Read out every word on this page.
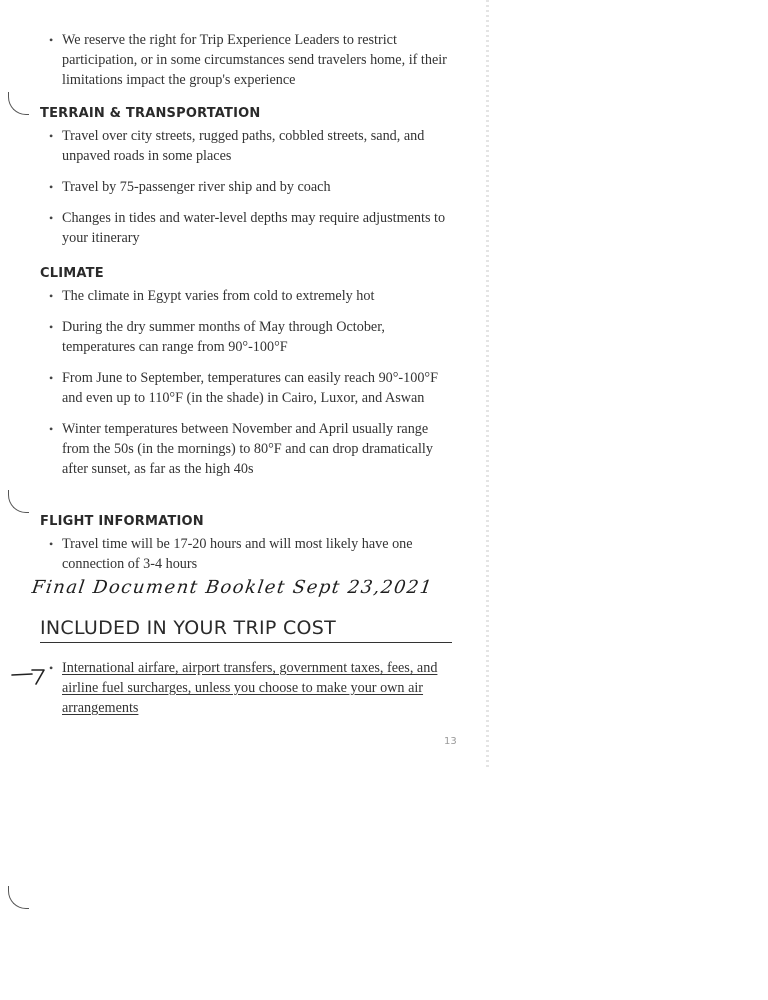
• We reserve the right for Trip Experience Leaders to restrict participation, or in some circumstances send travelers home, if their limitations impact the group's experience
TERRAIN & TRANSPORTATION
• Travel over city streets, rugged paths, cobbled streets, sand, and unpaved roads in some places
• Travel by 75-passenger river ship and by coach
• Changes in tides and water-level depths may require adjustments to your itinerary
CLIMATE
• The climate in Egypt varies from cold to extremely hot
• During the dry summer months of May through October, temperatures can range from 90°-100°F
• From June to September, temperatures can easily reach 90°-100°F and even up to 110°F (in the shade) in Cairo, Luxor, and Aswan
• Winter temperatures between November and April usually range from the 50s (in the mornings) to 80°F and can drop dramatically after sunset, as far as the high 40s
FLIGHT INFORMATION
• Travel time will be 17-20 hours and will most likely have one connection of 3-4 hours
Final Document Booklet Sept 23,2021
INCLUDED IN YOUR TRIP COST
• International airfare, airport transfers, government taxes, fees, and airline fuel surcharges, unless you choose to make your own air arrangements
13
